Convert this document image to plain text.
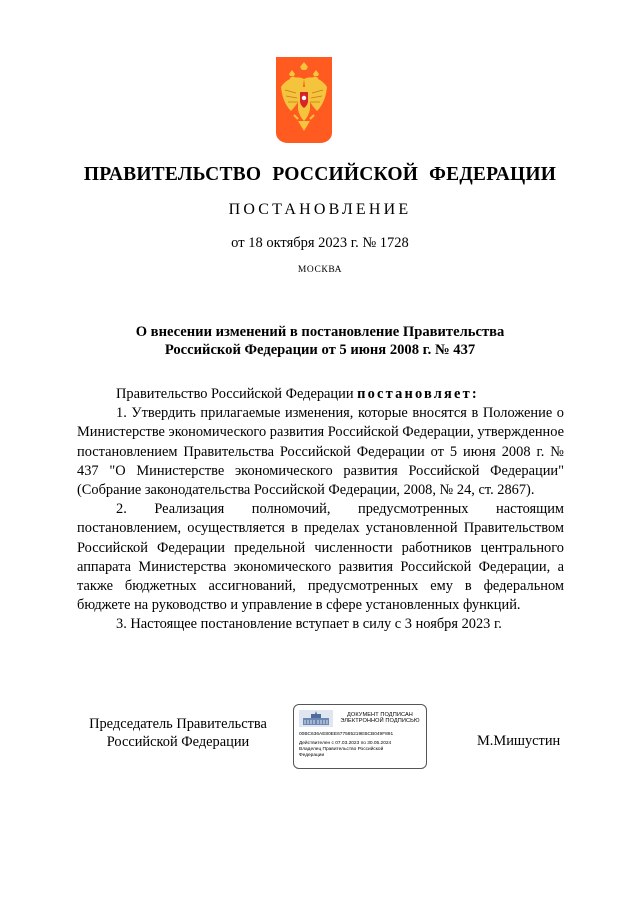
ПРАВИТЕЛЬСТВО РОССИЙСКОЙ ФЕДЕРАЦИИ
ПОСТАНОВЛЕНИЕ
от 18 октября 2023 г. № 1728
МОСКВА
О внесении изменений в постановление Правительства
Российской Федерации от 5 июня 2008 г. № 437
Правительство Российской Федерации постановляет:
1. Утвердить прилагаемые изменения, которые вносятся в Положение о Министерстве экономического развития Российской Федерации, утвержденное постановлением Правительства Российской Федерации от 5 июня 2008 г. № 437 "О Министерстве экономического развития Российской Федерации" (Собрание законодательства Российской Федерации, 2008, № 24, ст. 2867).
2. Реализация полномочий, предусмотренных настоящим постановлением, осуществляется в пределах установленной Правительством Российской Федерации предельной численности работников центрального аппарата Министерства экономического развития Российской Федерации, а также бюджетных ассигнований, предусмотренных ему в федеральном бюджете на руководство и управление в сфере установленных функций.
3. Настоящее постановление вступает в силу с 3 ноября 2023 г.
Председатель Правительства
Российской Федерации
ДОКУМЕНТ ПОДПИСАН
ЭЛЕКТРОННОЙ ПОДПИСЬЮ
00BC636AE80EE677585219EBCB049F891
Действителен с 07.03.2023 по 30.05.2024
Владелец Правительство Российской
Федерации
М.Мишустин
